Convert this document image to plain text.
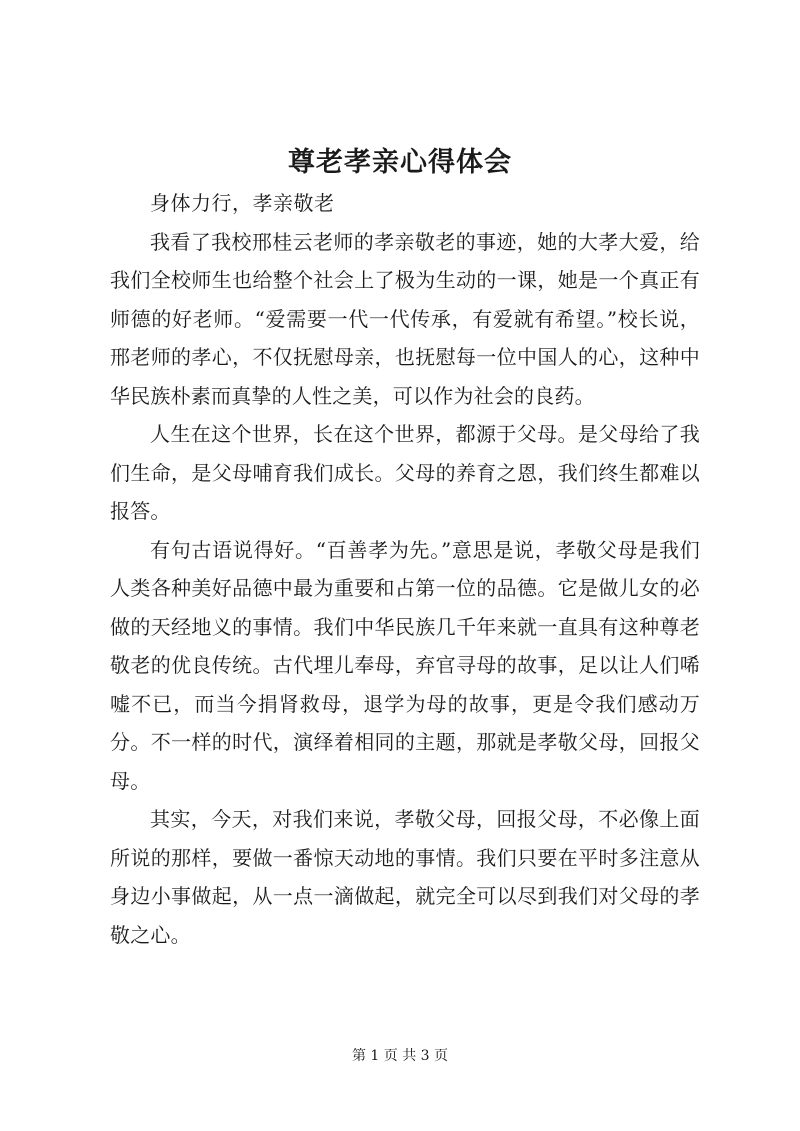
尊老孝亲心得体会

身体力行，孝亲敬老

我看了我校邢桂云老师的孝亲敬老的事迹，她的大孝大爱，给我们全校师生也给整个社会上了极为生动的一课，她是一个真正有师德的好老师。“爱需要一代一代传承，有爱就有希望。”校长说，邢老师的孝心，不仅抚慰母亲，也抚慰每一位中国人的心，这种中华民族朴素而真挚的人性之美，可以作为社会的良药。

人生在这个世界，长在这个世界，都源于父母。是父母给了我们生命，是父母哺育我们成长。父母的养育之恩，我们终生都难以报答。

有句古语说得好。“百善孝为先。”意思是说，孝敬父母是我们人类各种美好品德中最为重要和占第一位的品德。它是做儿女的必做的天经地义的事情。我们中华民族几千年来就一直具有这种尊老敬老的优良传统。古代埋儿奉母，弃官寻母的故事，足以让人们唏嘘不已，而当今捐肾救母，退学为母的故事，更是令我们感动万分。不一样的时代，演绎着相同的主题，那就是孝敬父母，回报父母。

其实，今天，对我们来说，孝敬父母，回报父母，不必像上面所说的那样，要做一番惊天动地的事情。我们只要在平时多注意从身边小事做起，从一点一滴做起，就完全可以尽到我们对父母的孝敬之心。

第 1 页 共 3 页
